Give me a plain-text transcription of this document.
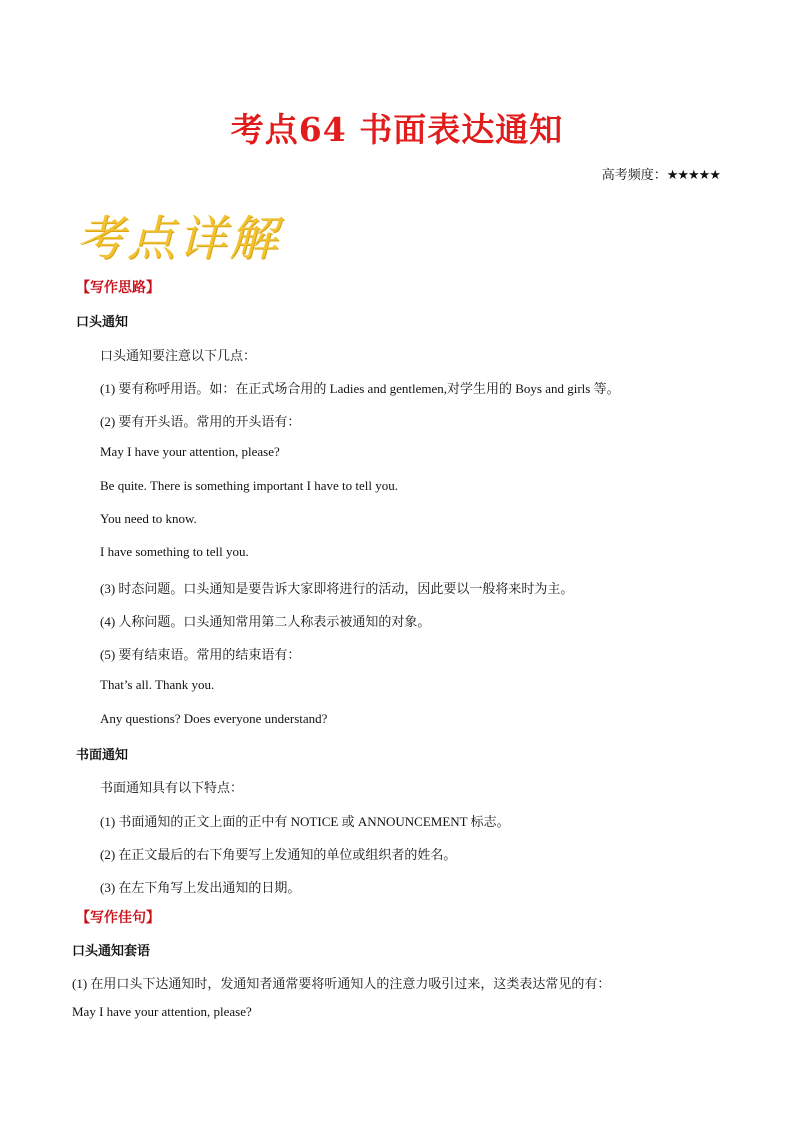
考点64 书面表达通知
高考频度：★★★★★
考点详解
【写作思路】
口头通知
口头通知要注意以下几点：
(1) 要有称呼用语。如：在正式场合用的 Ladies and gentlemen,对学生用的 Boys and girls 等。
(2) 要有开头语。常用的开头语有：
May I have your attention, please?
Be quite. There is something important I have to tell you.
You need to know.
I have something to tell you.
(3) 时态问题。口头通知是要告诉大家即将进行的活动，因此要以一般将来时为主。
(4) 人称问题。口头通知常用第二人称表示被通知的对象。
(5) 要有结束语。常用的结束语有：
That’s all. Thank you.
Any questions? Does everyone understand?
书面通知
书面通知具有以下特点：
(1) 书面通知的正文上面的正中有 NOTICE 或 ANNOUNCEMENT 标志。
(2) 在正文最后的右下角要写上发通知的单位或组织者的姓名。
(3) 在左下角写上发出通知的日期。
【写作佳句】
口头通知套语
(1) 在用口头下达通知时，发通知者通常要将听通知人的注意力吸引过来，这类表达常见的有：
May I have your attention, please?
